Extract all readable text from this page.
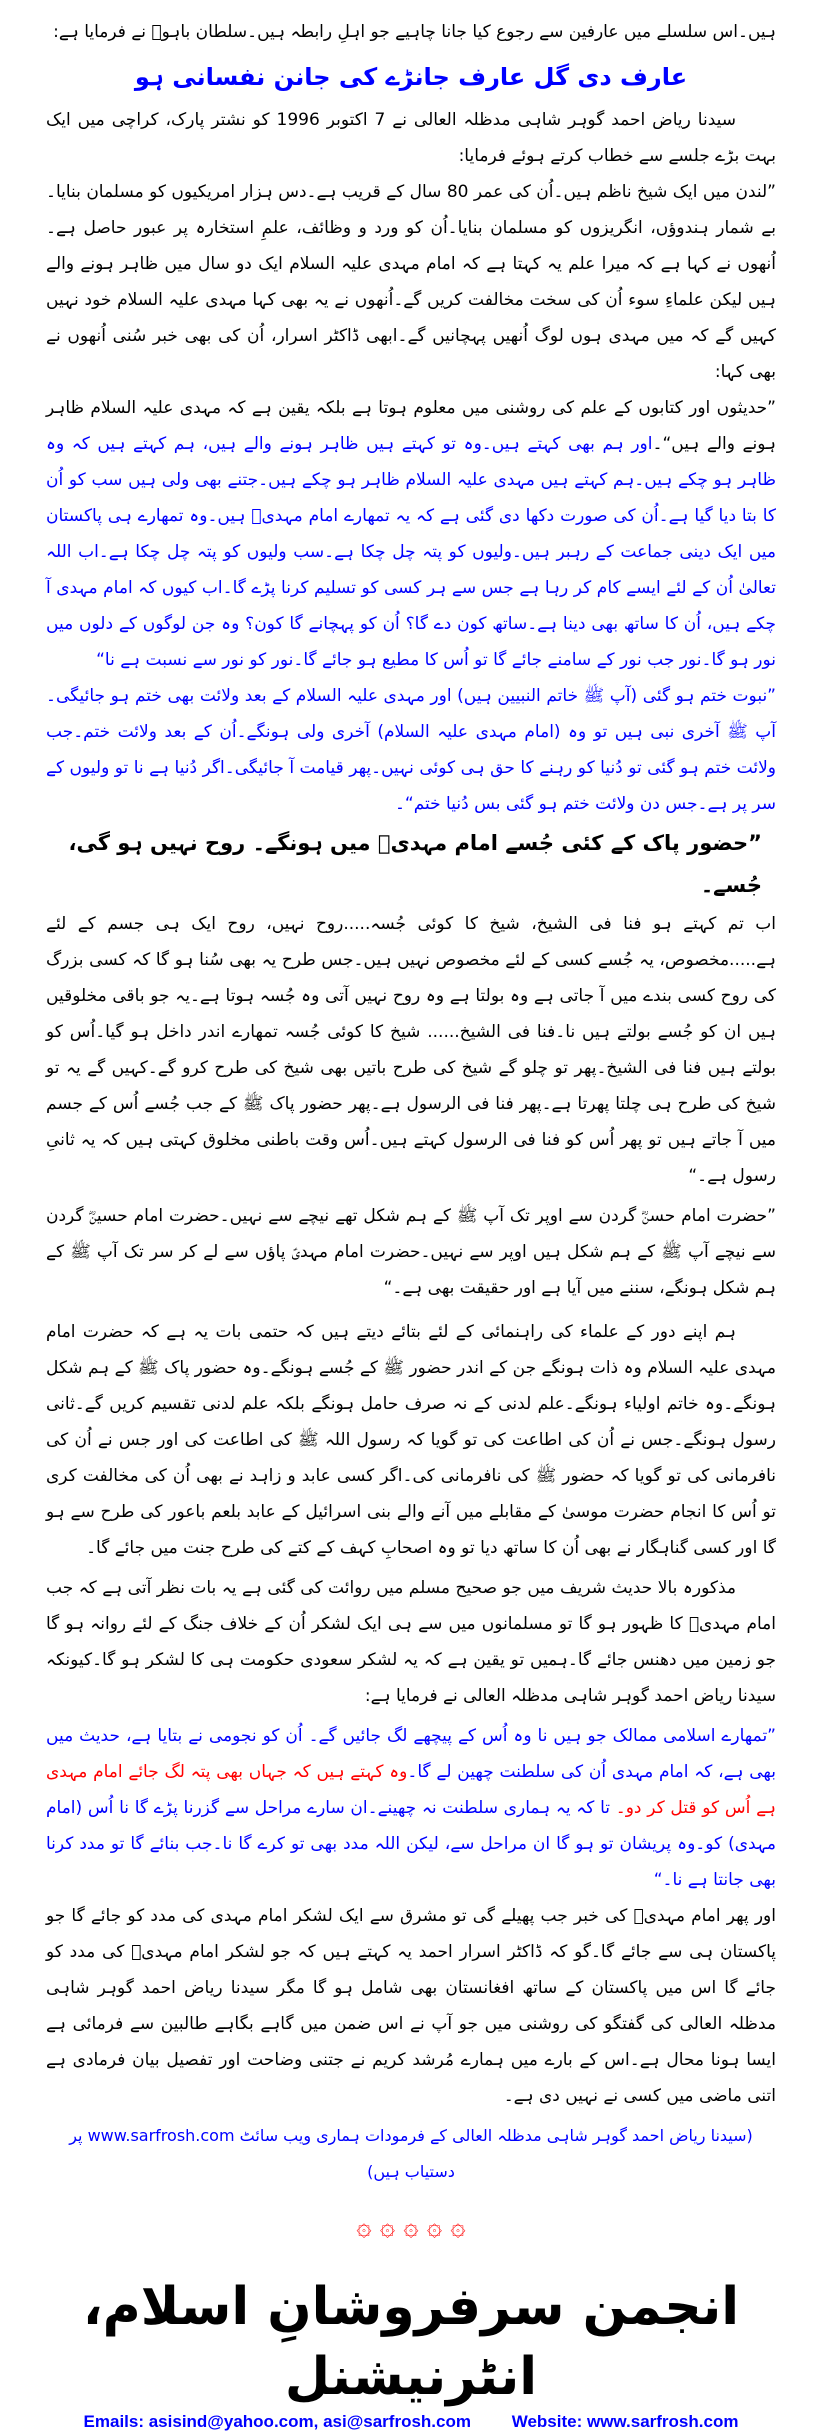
ہیں۔اس سلسلے میں عارفین سے رجوع کیا جانا چاہیے جو اہلِ رابطہ ہیں۔سلطان باہوؒ نے فرمایا ہے:

عارف دی گل عارف جانڑے کی جانن نفسانی ہو

سیدنا ریاض احمد گوہر شاہی مدظلہ العالی نے 7 اکتوبر 1996 کو نشتر پارک، کراچی میں ایک بہت بڑے جلسے سے خطاب کرتے ہوئے فرمایا:

”لندن میں ایک شیخ ناظم ہیں۔اُن کی عمر 80 سال کے قریب ہے۔دس ہزار امریکیوں کو مسلمان بنایا۔بے شمار ہندوؤں، انگریزوں کو مسلمان بنایا۔اُن کو ورد و وظائف، علمِ استخارہ پر عبور حاصل ہے۔اُنھوں نے کہا ہے کہ میرا علم یہ کہتا ہے کہ امام مہدی علیہ السلام ایک دو سال میں ظاہر ہونے والے ہیں لیکن علماءِ سوء اُن کی سخت مخالفت کریں گے۔اُنھوں نے یہ بھی کہا مہدی علیہ السلام خود نہیں کہیں گے کہ میں مہدی ہوں لوگ اُنھیں پہچانیں گے۔ابھی ڈاکٹر اسرار، اُن کی بھی خبر سُنی اُنھوں نے بھی کہا:

”حدیثوں اور کتابوں کے علم کی روشنی میں معلوم ہوتا ہے بلکہ یقین ہے کہ مہدی علیہ السلام ظاہر ہونے والے ہیں“۔اور ہم بھی کہتے ہیں۔وہ تو کہتے ہیں ظاہر ہونے والے ہیں، ہم کہتے ہیں کہ وہ ظاہر ہو چکے ہیں۔ہم کہتے ہیں مہدی علیہ السلام ظاہر ہو چکے ہیں۔جتنے بھی ولی ہیں سب کو اُن کا بتا دیا گیا ہے۔اُن کی صورت دکھا دی گئی ہے کہ یہ تمھارے امام مہدیؑ ہیں۔وہ تمھارے ہی پاکستان میں ایک دینی جماعت کے رہبر ہیں۔ولیوں کو پتہ چل چکا ہے۔سب ولیوں کو پتہ چل چکا ہے۔اب اللہ تعالیٰ اُن کے لئے ایسے کام کر رہا ہے جس سے ہر کسی کو تسلیم کرنا پڑے گا۔اب کیوں کہ امام مہدی آ چکے ہیں، اُن کا ساتھ بھی دینا ہے۔ساتھ کون دے گا؟ اُن کو پہچانے گا کون؟ وہ جن لوگوں کے دلوں میں نور ہو گا۔نور جب نور کے سامنے جائے گا تو اُس کا مطیع ہو جائے گا۔نور کو نور سے نسبت ہے نا“

”نبوت ختم ہو گئی (آپ ﷺ خاتم النبیین ہیں) اور مہدی علیہ السلام کے بعد ولائت بھی ختم ہو جائیگی۔آپ ﷺ آخری نبی ہیں تو وہ (امام مہدی علیہ السلام) آخری ولی ہونگے۔اُن کے بعد ولائت ختم۔جب ولائت ختم ہو گئی تو دُنیا کو رہنے کا حق ہی کوئی نہیں۔پھر قیامت آ جائیگی۔اگر دُنیا ہے نا تو ولیوں کے سر پر ہے۔جس دن ولائت ختم ہو گئی بس دُنیا ختم“۔

”حضور پاک کے کئی جُسے امام مہدیؑ میں ہونگے۔ روح نہیں ہو گی، جُسے۔

اب تم کہتے ہو فنا فی الشیخ، شیخ کا کوئی جُسہ.....روح نہیں، روح ایک ہی جسم کے لئے ہے.....مخصوص، یہ جُسے کسی کے لئے مخصوص نہیں ہیں۔جس طرح یہ بھی سُنا ہو گا کہ کسی بزرگ کی روح کسی بندے میں آ جاتی ہے وہ بولتا ہے وہ روح نہیں آتی وہ جُسہ ہوتا ہے۔یہ جو باقی مخلوقیں ہیں ان کو جُسے بولتے ہیں نا۔فنا فی الشیخ...... شیخ کا کوئی جُسہ تمھارے اندر داخل ہو گیا۔اُس کو بولتے ہیں فنا فی الشیخ۔پھر تو چلو گے شیخ کی طرح باتیں بھی شیخ کی طرح کرو گے۔کہیں گے یہ تو شیخ کی طرح ہی چلتا پھرتا ہے۔پھر فنا فی الرسول ہے۔پھر حضور پاک ﷺ کے جب جُسے اُس کے جسم میں آ جاتے ہیں تو پھر اُس کو فنا فی الرسول کہتے ہیں۔اُس وقت باطنی مخلوق کہتی ہیں کہ یہ ثانیِ رسول ہے۔“

”حضرت امام حسنؓ گردن سے اوپر تک آپ ﷺ کے ہم شکل تھے نیچے سے نہیں۔حضرت امام حسینؓ گردن سے نیچے آپ ﷺ کے ہم شکل ہیں اوپر سے نہیں۔حضرت امام مہدیؑ پاؤں سے لے کر سر تک آپ ﷺ کے ہم شکل ہونگے، سننے میں آیا ہے اور حقیقت بھی ہے۔“

ہم اپنے دور کے علماء کی راہنمائی کے لئے بتائے دیتے ہیں کہ حتمی بات یہ ہے کہ حضرت امام مہدی علیہ السلام وہ ذات ہونگے جن کے اندر حضور ﷺ کے جُسے ہونگے۔وہ حضور پاک ﷺ کے ہم شکل ہونگے۔وہ خاتم اولیاء ہونگے۔علم لدنی کے نہ صرف حامل ہونگے بلکہ علم لدنی تقسیم کریں گے۔ثانی رسول ہونگے۔جس نے اُن کی اطاعت کی تو گویا کہ رسول اللہ ﷺ کی اطاعت کی اور جس نے اُن کی نافرمانی کی تو گویا کہ حضور ﷺ کی نافرمانی کی۔اگر کسی عابد و زاہد نے بھی اُن کی مخالفت کری تو اُس کا انجام حضرت موسیٰ کے مقابلے میں آنے والے بنی اسرائیل کے عابد بلعم باعور کی طرح سے ہو گا اور کسی گناہگار نے بھی اُن کا ساتھ دیا تو وہ اصحابِ کہف کے کتے کی طرح جنت میں جائے گا۔

مذکورہ بالا حدیث شریف میں جو صحیح مسلم میں روائت کی گئی ہے یہ بات نظر آتی ہے کہ جب امام مہدیؑ کا ظہور ہو گا تو مسلمانوں میں سے ہی ایک لشکر اُن کے خلاف جنگ کے لئے روانہ ہو گا جو زمین میں دھنس جائے گا۔ہمیں تو یقین ہے کہ یہ لشکر سعودی حکومت ہی کا لشکر ہو گا۔کیونکہ سیدنا ریاض احمد گوہر شاہی مدظلہ العالی نے فرمایا ہے:

”تمھارے اسلامی ممالک جو ہیں نا وہ اُس کے پیچھے لگ جائیں گے۔ اُن کو نجومی نے بتایا ہے، حدیث میں بھی ہے، کہ امام مہدی اُن کی سلطنت چھین لے گا۔وہ کہتے ہیں کہ جہاں بھی پتہ لگ جائے امام مہدی ہے اُس کو قتل کر دو۔ تا کہ یہ ہماری سلطنت نہ چھینے۔ان سارے مراحل سے گزرنا پڑے گا نا اُس (امام مہدی) کو۔وہ پریشان تو ہو گا ان مراحل سے، لیکن اللہ مدد بھی تو کرے گا نا۔جب بنائے گا تو مدد کرنا بھی جانتا ہے نا۔“

اور پھر امام مہدیؑ کی خبر جب پھیلے گی تو مشرق سے ایک لشکر امام مہدی کی مدد کو جائے گا جو پاکستان ہی سے جائے گا۔گو کہ ڈاکٹر اسرار احمد یہ کہتے ہیں کہ جو لشکر امام مہدیؑ کی مدد کو جائے گا اس میں پاکستان کے ساتھ افغانستان بھی شامل ہو گا مگر سیدنا ریاض احمد گوہر شاہی مدظلہ العالی کی گفتگو کی روشنی میں جو آپ نے اس ضمن میں گاہے بگاہے طالبین سے فرمائی ہے ایسا ہونا محال ہے۔اس کے بارے میں ہمارے مُرشد کریم نے جتنی وضاحت اور تفصیل بیان فرمادی ہے اتنی ماضی میں کسی نے نہیں دی ہے۔

(سیدنا ریاض احمد گوہر شاہی مدظلہ العالی کے فرمودات ہماری ویب سائٹ www.sarfrosh.com پر دستیاب ہیں)

۞ ۞ ۞ ۞ ۞
انجمن سرفروشانِ اسلام، انٹرنیشنل
Emails: asisind@yahoo.com, asi@sarfrosh.com Website: www.sarfrosh.com
